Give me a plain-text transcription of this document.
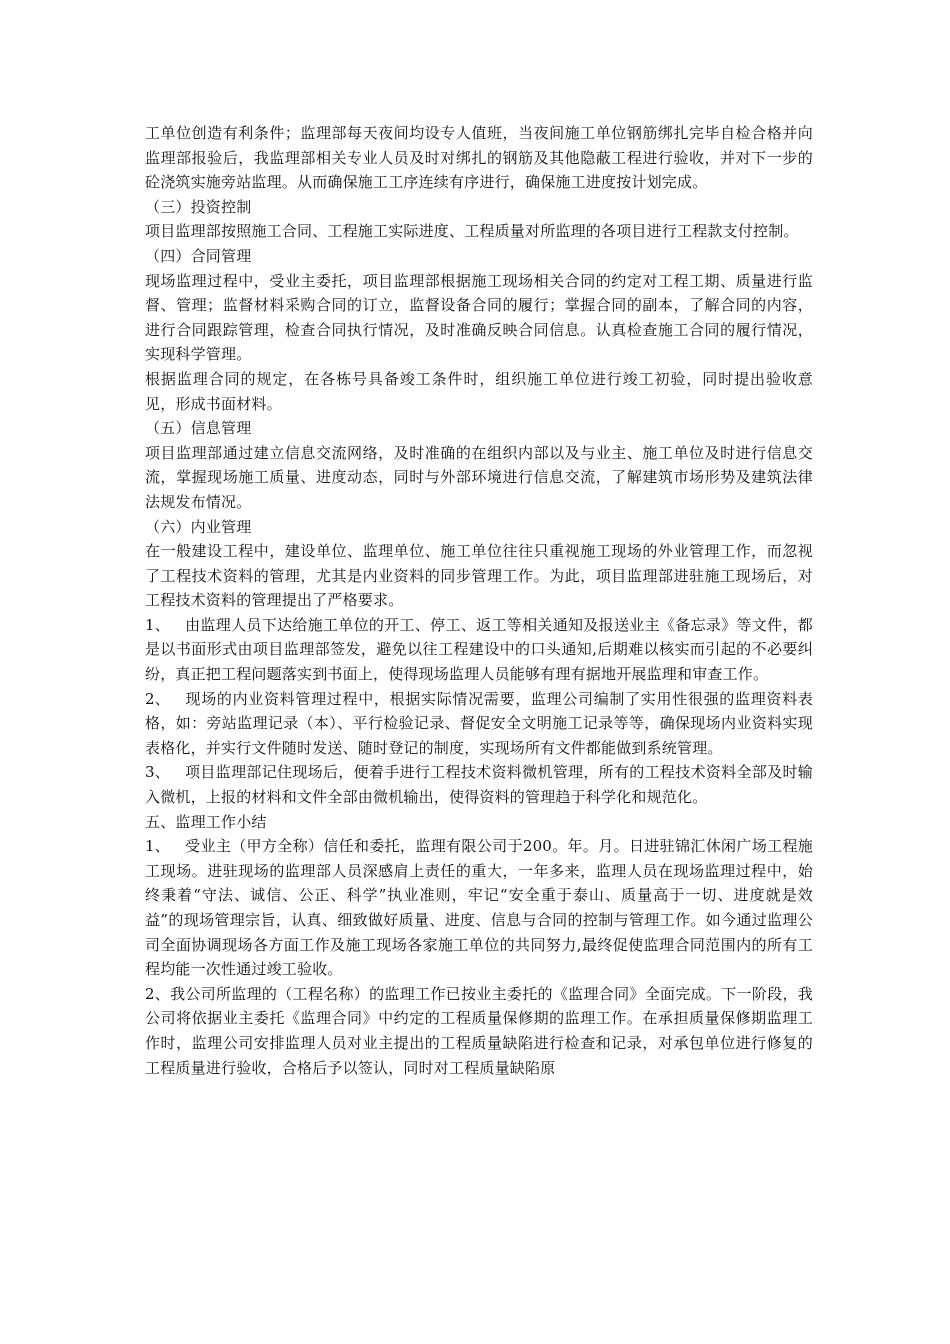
工单位创造有利条件；监理部每天夜间均设专人值班，当夜间施工单位钢筋绑扎完毕自检合格并向监理部报验后，我监理部相关专业人员及时对绑扎的钢筋及其他隐蔽工程进行验收，并对下一步的砼浇筑实施旁站监理。从而确保施工工序连续有序进行，确保施工进度按计划完成。

（三）投资控制

项目监理部按照施工合同、工程施工实际进度、工程质量对所监理的各项目进行工程款支付控制。

（四）合同管理

现场监理过程中，受业主委托，项目监理部根据施工现场相关合同的约定对工程工期、质量进行监督、管理；监督材料采购合同的订立，监督设备合同的履行；掌握合同的副本，了解合同的内容，进行合同跟踪管理，检查合同执行情况，及时准确反映合同信息。认真检查施工合同的履行情况，实现科学管理。

根据监理合同的规定，在各栋号具备竣工条件时，组织施工单位进行竣工初验，同时提出验收意见，形成书面材料。

（五）信息管理

项目监理部通过建立信息交流网络，及时准确的在组织内部以及与业主、施工单位及时进行信息交流，掌握现场施工质量、进度动态，同时与外部环境进行信息交流，了解建筑市场形势及建筑法律法规发布情况。

（六）内业管理

在一般建设工程中，建设单位、监理单位、施工单位往往只重视施工现场的外业管理工作，而忽视了工程技术资料的管理，尤其是内业资料的同步管理工作。为此，项目监理部进驻施工现场后，对工程技术资料的管理提出了严格要求。

1、 由监理人员下达给施工单位的开工、停工、返工等相关通知及报送业主《备忘录》等文件，都是以书面形式由项目监理部签发，避免以往工程建设中的口头通知,后期难以核实而引起的不必要纠纷，真正把工程问题落实到书面上，使得现场监理人员能够有理有据地开展监理和审查工作。

2、 现场的内业资料管理过程中，根据实际情况需要，监理公司编制了实用性很强的监理资料表格，如：旁站监理记录（本）、平行检验记录、督促安全文明施工记录等等，确保现场内业资料实现表格化，并实行文件随时发送、随时登记的制度，实现场所有文件都能做到系统管理。

3、 项目监理部记住现场后，便着手进行工程技术资料微机管理，所有的工程技术资料全部及时输入微机，上报的材料和文件全部由微机输出，使得资料的管理趋于科学化和规范化。

五、监理工作小结

1、 受业主（甲方全称）信任和委托，监理有限公司于200。年。月。日进驻锦汇休闲广场工程施工现场。进驻现场的监理部人员深感肩上责任的重大，一年多来，监理人员在现场监理过程中，始终秉着“守法、诚信、公正、科学”执业准则，牢记“安全重于泰山、质量高于一切、进度就是效益”的现场管理宗旨，认真、细致做好质量、进度、信息与合同的控制与管理工作。如今通过监理公司全面协调现场各方面工作及施工现场各家施工单位的共同努力,最终促使监理合同范围内的所有工程均能一次性通过竣工验收。

2、我公司所监理的（工程名称）的监理工作已按业主委托的《监理合同》全面完成。下一阶段，我公司将依据业主委托《监理合同》中约定的工程质量保修期的监理工作。在承担质量保修期监理工作时，监理公司安排监理人员对业主提出的工程质量缺陷进行检查和记录，对承包单位进行修复的工程质量进行验收，合格后予以签认，同时对工程质量缺陷原
